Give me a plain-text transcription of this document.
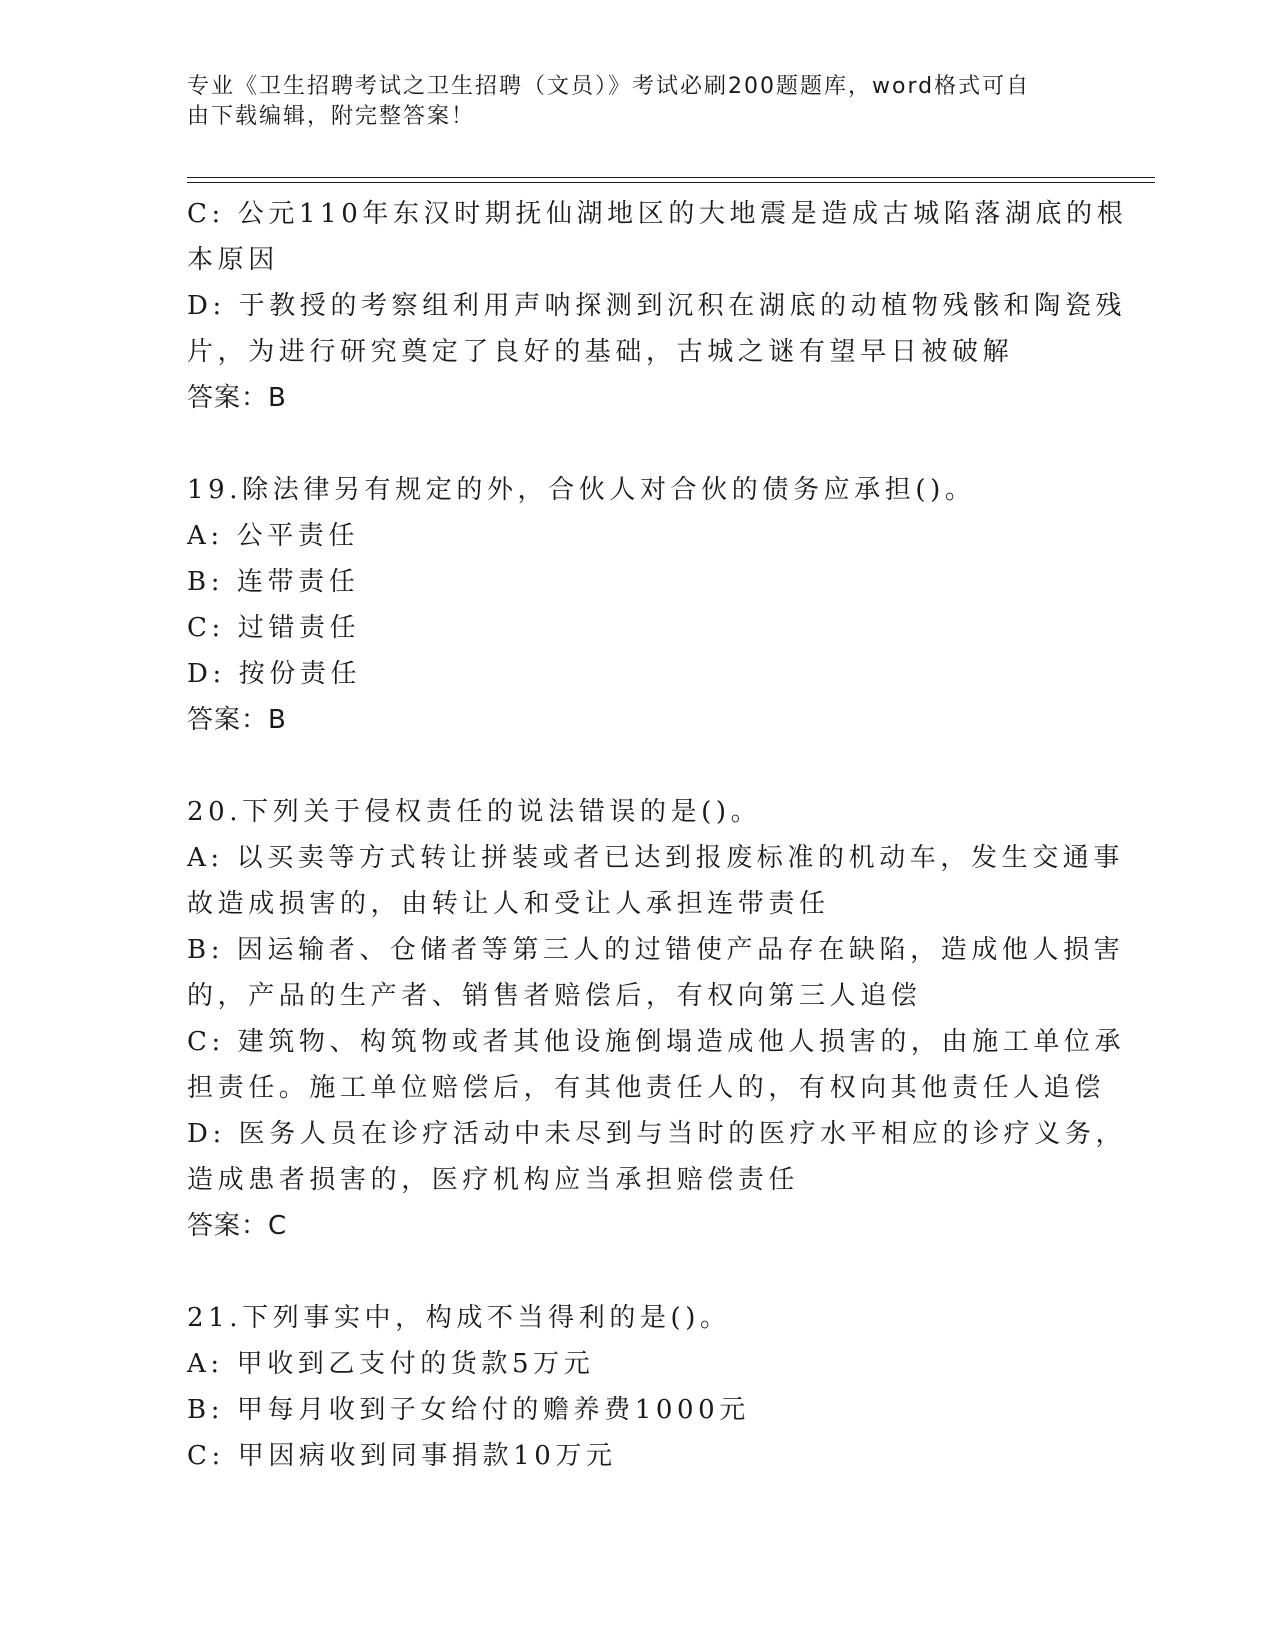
专业《卫生招聘考试之卫生招聘（文员）》考试必刷200题题库，word格式可自
由下载编辑，附完整答案！
C: 公元110年东汉时期抚仙湖地区的大地震是造成古城陷落湖底的根
本原因
D: 于教授的考察组利用声呐探测到沉积在湖底的动植物残骸和陶瓷残
片，为进行研究奠定了良好的基础，古城之谜有望早日被破解
答案：B
19.除法律另有规定的外，合伙人对合伙的债务应承担()。
A: 公平责任
B: 连带责任
C: 过错责任
D: 按份责任
答案：B
20.下列关于侵权责任的说法错误的是()。
A: 以买卖等方式转让拼装或者已达到报废标准的机动车，发生交通事
故造成损害的，由转让人和受让人承担连带责任
B: 因运输者、仓储者等第三人的过错使产品存在缺陷，造成他人损害
的，产品的生产者、销售者赔偿后，有权向第三人追偿
C: 建筑物、构筑物或者其他设施倒塌造成他人损害的，由施工单位承
担责任。施工单位赔偿后，有其他责任人的，有权向其他责任人追偿
D: 医务人员在诊疗活动中未尽到与当时的医疗水平相应的诊疗义务，
造成患者损害的，医疗机构应当承担赔偿责任
答案：C
21.下列事实中，构成不当得利的是()。
A: 甲收到乙支付的货款5万元
B: 甲每月收到子女给付的赡养费1000元
C: 甲因病收到同事捐款10万元
